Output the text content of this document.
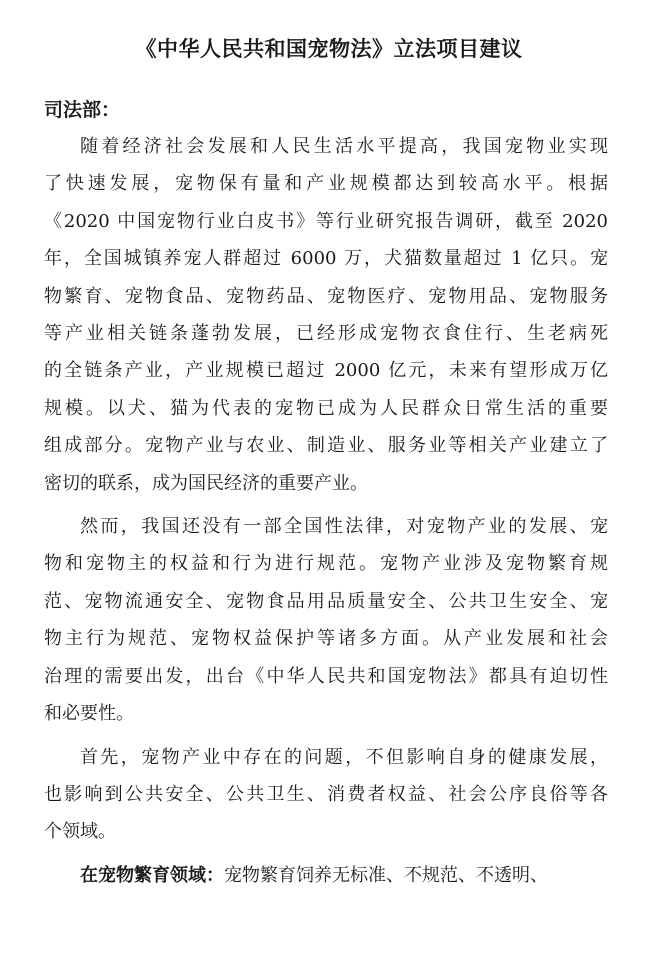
《中华人民共和国宠物法》立法项目建议
司法部：

随着经济社会发展和人民生活水平提高，我国宠物业实现
了快速发展，宠物保有量和产业规模都达到较高水平。根据
《2020 中国宠物行业白皮书》等行业研究报告调研，截至 2020
年，全国城镇养宠人群超过 6000 万，犬猫数量超过 1 亿只。宠
物繁育、宠物食品、宠物药品、宠物医疗、宠物用品、宠物服务
等产业相关链条蓬勃发展，已经形成宠物衣食住行、生老病死
的全链条产业，产业规模已超过 2000 亿元，未来有望形成万亿
规模。以犬、猫为代表的宠物已成为人民群众日常生活的重要
组成部分。宠物产业与农业、制造业、服务业等相关产业建立了
密切的联系，成为国民经济的重要产业。

然而，我国还没有一部全国性法律，对宠物产业的发展、宠
物和宠物主的权益和行为进行规范。宠物产业涉及宠物繁育规
范、宠物流通安全、宠物食品用品质量安全、公共卫生安全、宠
物主行为规范、宠物权益保护等诸多方面。从产业发展和社会
治理的需要出发，出台《中华人民共和国宠物法》都具有迫切性
和必要性。

首先，宠物产业中存在的问题，不但影响自身的健康发展，
也影响到公共安全、公共卫生、消费者权益、社会公序良俗等各
个领域。

在宠物繁育领域：宠物繁育饲养无标准、不规范、不透明、
